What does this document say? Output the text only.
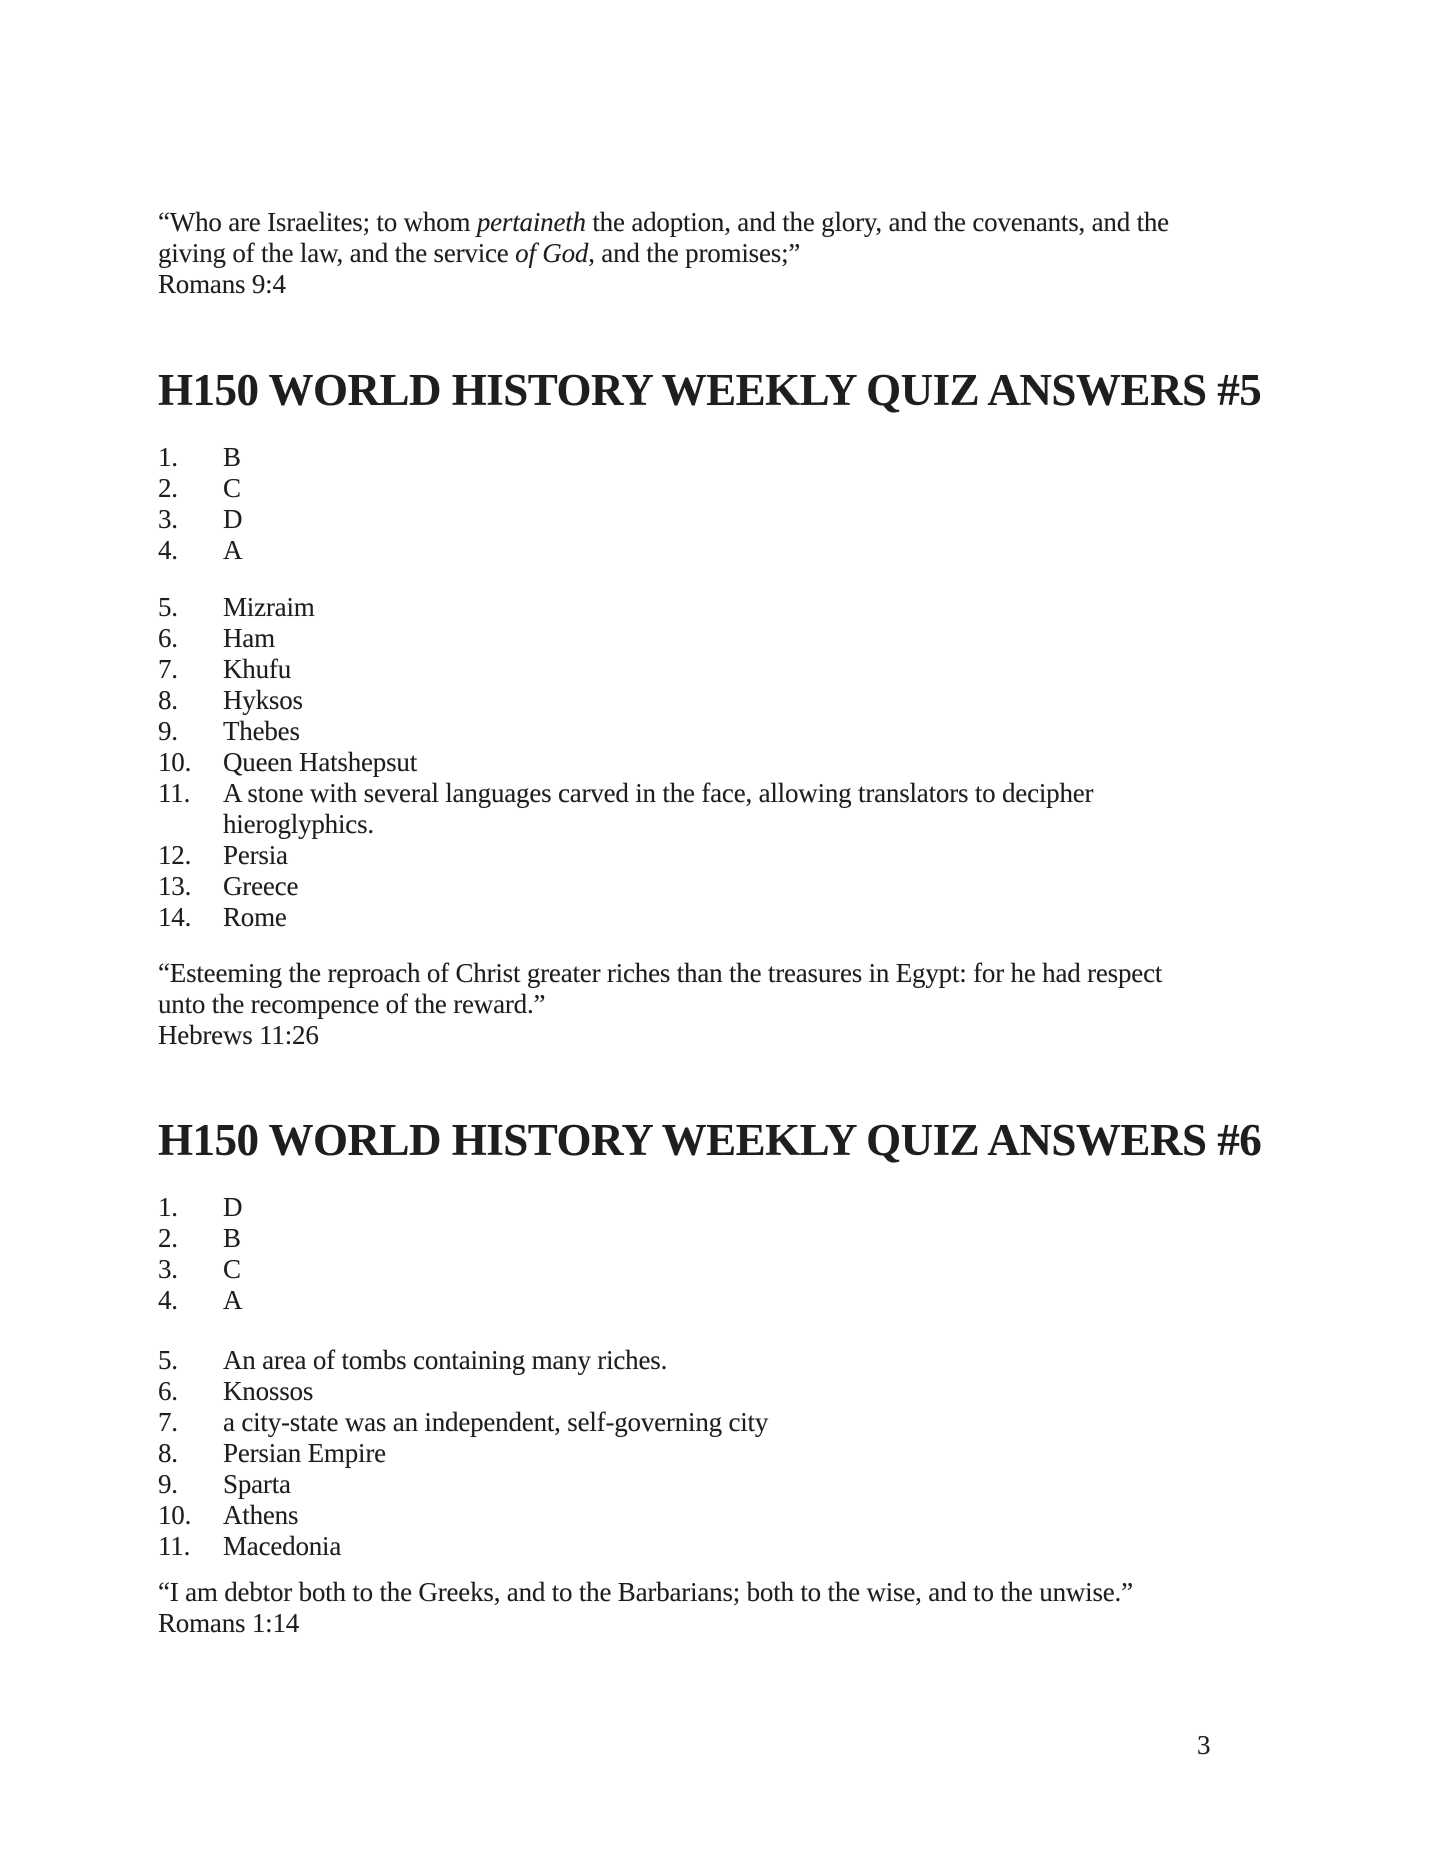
“Who are Israelites; to whom pertaineth the adoption, and the glory, and the covenants, and the
giving of the law, and the service of God, and the promises;”
Romans 9:4
H150 WORLD HISTORY WEEKLY QUIZ ANSWERS #5
1.	B
2.	C
3.	D
4.	A
5.	Mizraim
6.	Ham
7.	Khufu
8.	Hyksos
9.	Thebes
10.	Queen Hatshepsut
11.	A stone with several languages carved in the face, allowing translators to decipher
hieroglyphics.
12.	Persia
13.	Greece
14.	Rome
“Esteeming the reproach of Christ greater riches than the treasures in Egypt: for he had respect
unto the recompence of the reward.”
Hebrews 11:26
H150 WORLD HISTORY WEEKLY QUIZ ANSWERS #6
1.	D
2.	B
3.	C
4.	A
5.	An area of tombs containing many riches.
6.	Knossos
7.	a city-state was an independent, self-governing city
8.	Persian Empire
9.	Sparta
10.	Athens
11.	Macedonia
“I am debtor both to the Greeks, and to the Barbarians; both to the wise, and to the unwise.”
Romans 1:14
3
